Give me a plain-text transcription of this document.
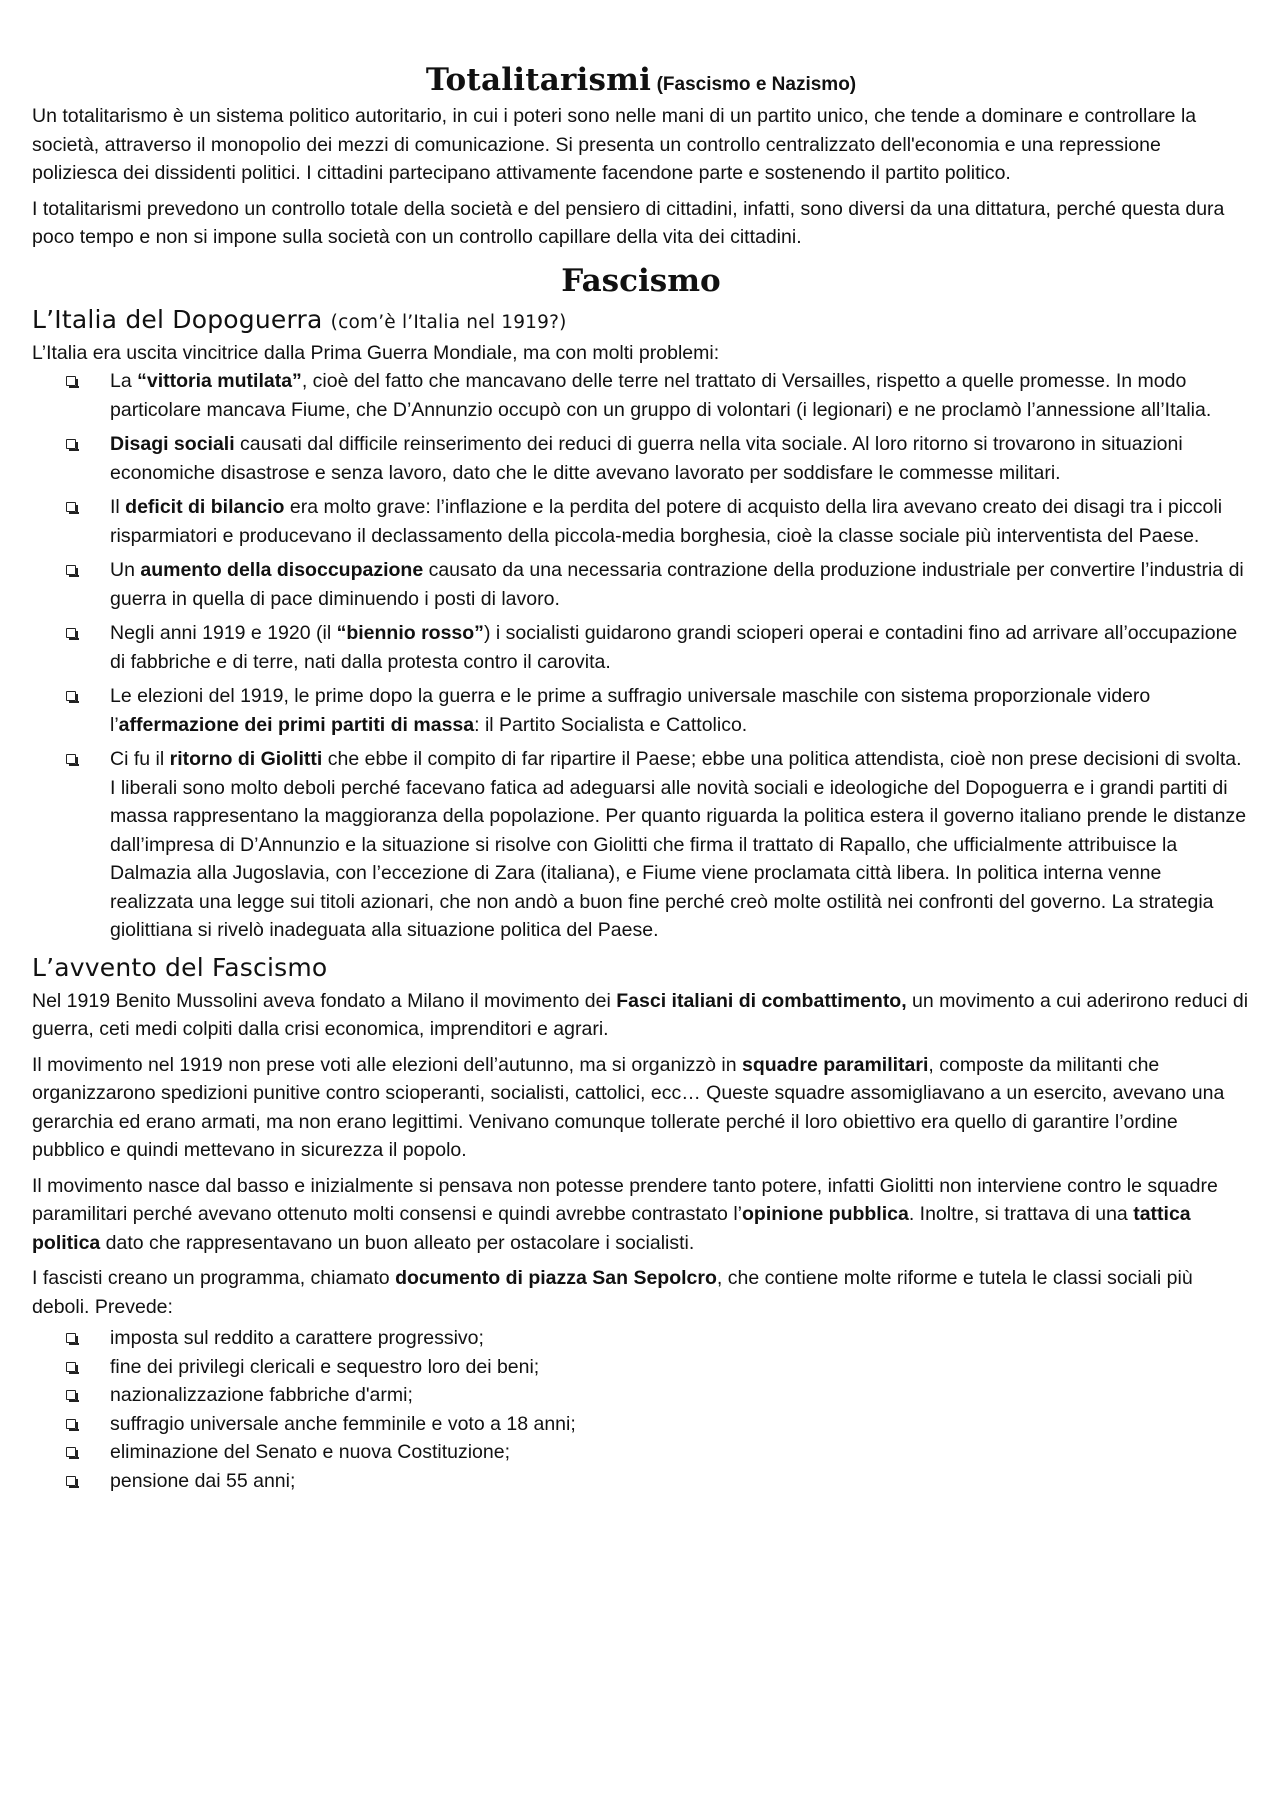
Totalitarismi (Fascismo e Nazismo)

Un totalitarismo è un sistema politico autoritario, in cui i poteri sono nelle mani di un partito unico, che tende a dominare e controllare la società, attraverso il monopolio dei mezzi di comunicazione. Si presenta un controllo centralizzato dell'economia e una repressione poliziesca dei dissidenti politici. I cittadini partecipano attivamente facendone parte e sostenendo il partito politico.

I totalitarismi prevedono un controllo totale della società e del pensiero di cittadini, infatti, sono diversi da una dittatura, perché questa dura poco tempo e non si impone sulla società con un controllo capillare della vita dei cittadini.

Fascismo
L’Italia del Dopoguerra (com’è l’Italia nel 1919?)

L’Italia era uscita vincitrice dalla Prima Guerra Mondiale, ma con molti problemi:

La “vittoria mutilata”, cioè del fatto che mancavano delle terre nel trattato di Versailles, rispetto a quelle promesse. In modo particolare mancava Fiume, che D’Annunzio occupò con un gruppo di volontari (i legionari) e ne proclamò l’annessione all’Italia.
Disagi sociali causati dal difficile reinserimento dei reduci di guerra nella vita sociale. Al loro ritorno si trovarono in situazioni economiche disastrose e senza lavoro, dato che le ditte avevano lavorato per soddisfare le commesse militari.
Il deficit di bilancio era molto grave: l’inflazione e la perdita del potere di acquisto della lira avevano creato dei disagi tra i piccoli risparmiatori e producevano il declassamento della piccola-media borghesia, cioè la classe sociale più interventista del Paese.
Un aumento della disoccupazione causato da una necessaria contrazione della produzione industriale per convertire l’industria di guerra in quella di pace diminuendo i posti di lavoro.
Negli anni 1919 e 1920 (il “biennio rosso”) i socialisti guidarono grandi scioperi operai e contadini fino ad arrivare all’occupazione di fabbriche e di terre, nati dalla protesta contro il carovita.
Le elezioni del 1919, le prime dopo la guerra e le prime a suffragio universale maschile con sistema proporzionale videro l’affermazione dei primi partiti di massa: il Partito Socialista e Cattolico.
Ci fu il ritorno di Giolitti che ebbe il compito di far ripartire il Paese; ebbe una politica attendista, cioè non prese decisioni di svolta. I liberali sono molto deboli perché facevano fatica ad adeguarsi alle novità sociali e ideologiche del Dopoguerra e i grandi partiti di massa rappresentano la maggioranza della popolazione. Per quanto riguarda la politica estera il governo italiano prende le distanze dall’impresa di D’Annunzio e la situazione si risolve con Giolitti che firma il trattato di Rapallo, che ufficialmente attribuisce la Dalmazia alla Jugoslavia, con l’eccezione di Zara (italiana), e Fiume viene proclamata città libera. In politica interna venne realizzata una legge sui titoli azionari, che non andò a buon fine perché creò molte ostilità nei confronti del governo. La strategia giolittiana si rivelò inadeguata alla situazione politica del Paese.
L’avvento del Fascismo

Nel 1919 Benito Mussolini aveva fondato a Milano il movimento dei Fasci italiani di combattimento, un movimento a cui aderirono reduci di guerra, ceti medi colpiti dalla crisi economica, imprenditori e agrari.

Il movimento nel 1919 non prese voti alle elezioni dell’autunno, ma si organizzò in squadre paramilitari, composte da militanti che organizzarono spedizioni punitive contro scioperanti, socialisti, cattolici, ecc… Queste squadre assomigliavano a un esercito, avevano una gerarchia ed erano armati, ma non erano legittimi. Venivano comunque tollerate perché il loro obiettivo era quello di garantire l’ordine pubblico e quindi mettevano in sicurezza il popolo.

Il movimento nasce dal basso e inizialmente si pensava non potesse prendere tanto potere, infatti Giolitti non interviene contro le squadre paramilitari perché avevano ottenuto molti consensi e quindi avrebbe contrastato l’opinione pubblica. Inoltre, si trattava di una tattica politica dato che rappresentavano un buon alleato per ostacolare i socialisti.

I fascisti creano un programma, chiamato documento di piazza San Sepolcro, che contiene molte riforme e tutela le classi sociali più deboli. Prevede:

imposta sul reddito a carattere progressivo;
fine dei privilegi clericali e sequestro loro dei beni;
nazionalizzazione fabbriche d'armi;
suffragio universale anche femminile e voto a 18 anni;
eliminazione del Senato e nuova Costituzione;
pensione dai 55 anni;
